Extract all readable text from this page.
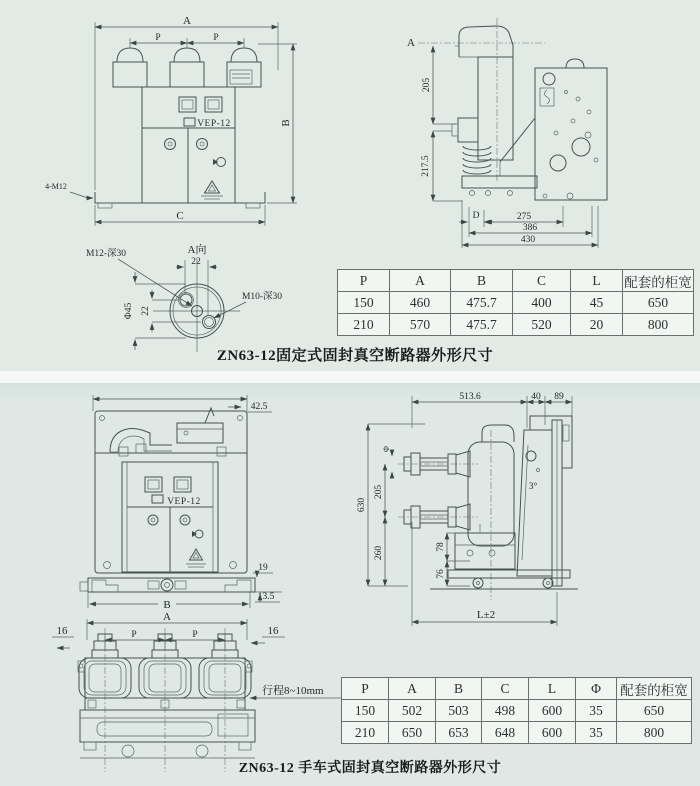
A
P	P
B
C
4-M12
VEP-12
A
205
217.5
D	275
386
430
A向
22
22
Φ45
M12-深30
M10-深30
42.5
VEP-12
19
13.5
B
A
P	P
16	16
行程8~10mm
513.6	40 89
630
205
260
Φ
3°
78
76
L±2
P	A	B	C	L	配套的柜宽
150	460	475.7	400	45	650
210	570	475.7	520	20	800
P	A	B	C	L	Φ	配套的柜宽
150	502	503	498	600	35	650
210	650	653	648	600	35	800
ZN63-12固定式固封真空断路器外形尺寸
ZN63-12 手车式固封真空断路器外形尺寸
